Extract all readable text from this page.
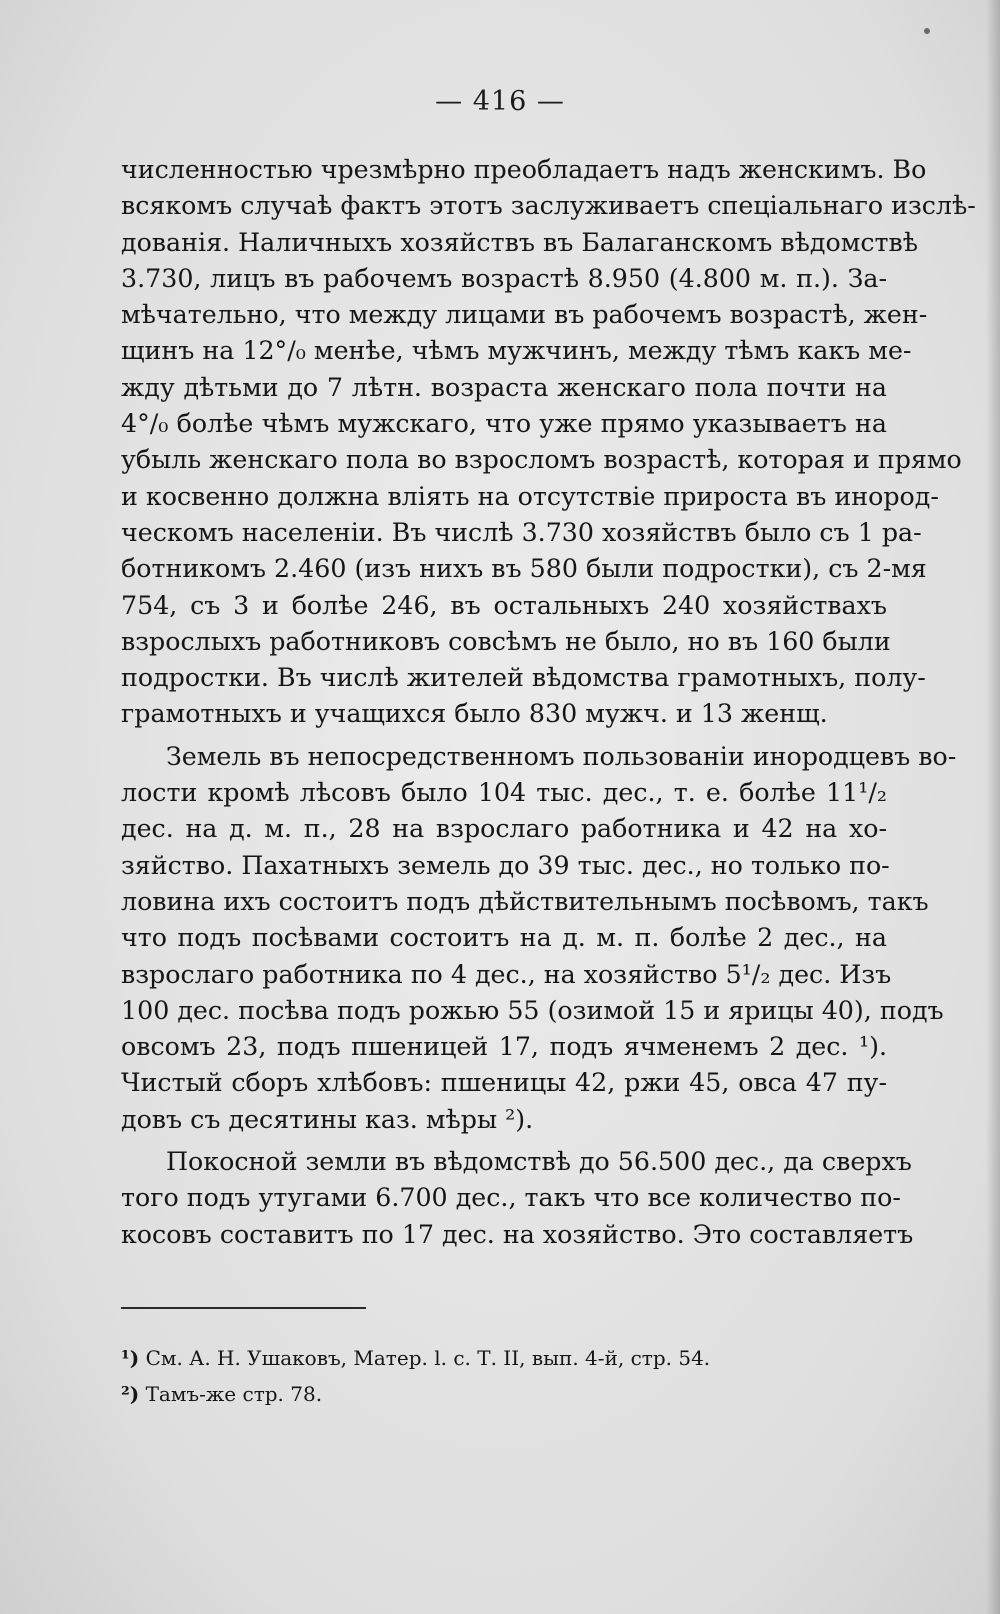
— 416 —
численностью чрезмѣрно преобладаетъ надъ женскимъ. Во
всякомъ случаѣ фактъ этотъ заслуживаетъ спеціальнаго изслѣ-
дованія. Наличныхъ хозяйствъ въ Балаганскомъ вѣдомствѣ
3.730, лицъ въ рабочемъ возрастѣ 8.950 (4.800 м. п.). За-
мѣчательно, что между лицами въ рабочемъ возрастѣ, жен-
щинъ на 12°/₀ менѣе, чѣмъ мужчинъ, между тѣмъ какъ ме-
жду дѣтьми до 7 лѣтн. возраста женскаго пола почти на
4°/₀ болѣе чѣмъ мужскаго, что уже прямо указываетъ на
убыль женскаго пола во взросломъ возрастѣ, которая и прямо
и косвенно должна влiять на отсутствіе прироста въ инород-
ческомъ населеніи. Въ числѣ 3.730 хозяйствъ было съ 1 ра-
ботникомъ 2.460 (изъ нихъ въ 580 были подростки), съ 2-мя
754, съ 3 и болѣе 246, въ остальныхъ 240 хозяйствахъ
взрослыхъ работниковъ совсѣмъ не было, но въ 160 были
подростки. Въ числѣ жителей вѣдомства грамотныхъ, полу-
грамотныхъ и учащихся было 830 мужч. и 13 женщ.
Земель въ непосредственномъ пользованіи инородцевъ во-
лости кромѣ лѣсовъ было 104 тыс. дес., т. е. болѣе 11¹/₂
дес. на д. м. п., 28 на взрослаго работника и 42 на хо-
зяйство. Пахатныхъ земель до 39 тыс. дес., но только по-
ловина ихъ состоитъ подъ дѣйствительнымъ посѣвомъ, такъ
что подъ посѣвами состоитъ на д. м. п. болѣе 2 дес., на
взрослаго работника по 4 дес., на хозяйство 5¹/₂ дес. Изъ
100 дес. посѣва подъ рожью 55 (озимой 15 и ярицы 40), подъ
овсомъ 23, подъ пшеницей 17, подъ ячменемъ 2 дес. ¹).
Чистый сборъ хлѣбовъ: пшеницы 42, ржи 45, овса 47 пу-
довъ съ десятины каз. мѣры ²).
Покосной земли въ вѣдомствѣ до 56.500 дес., да сверхъ
того подъ утугами 6.700 дес., такъ что все количество по-
косовъ составитъ по 17 дес. на хозяйство. Это составляетъ
¹) См. А. Н. Ушаковъ, Матер. l. c. Т. II, вып. 4-й, стр. 54.
²) Тамъ-же стр. 78.
